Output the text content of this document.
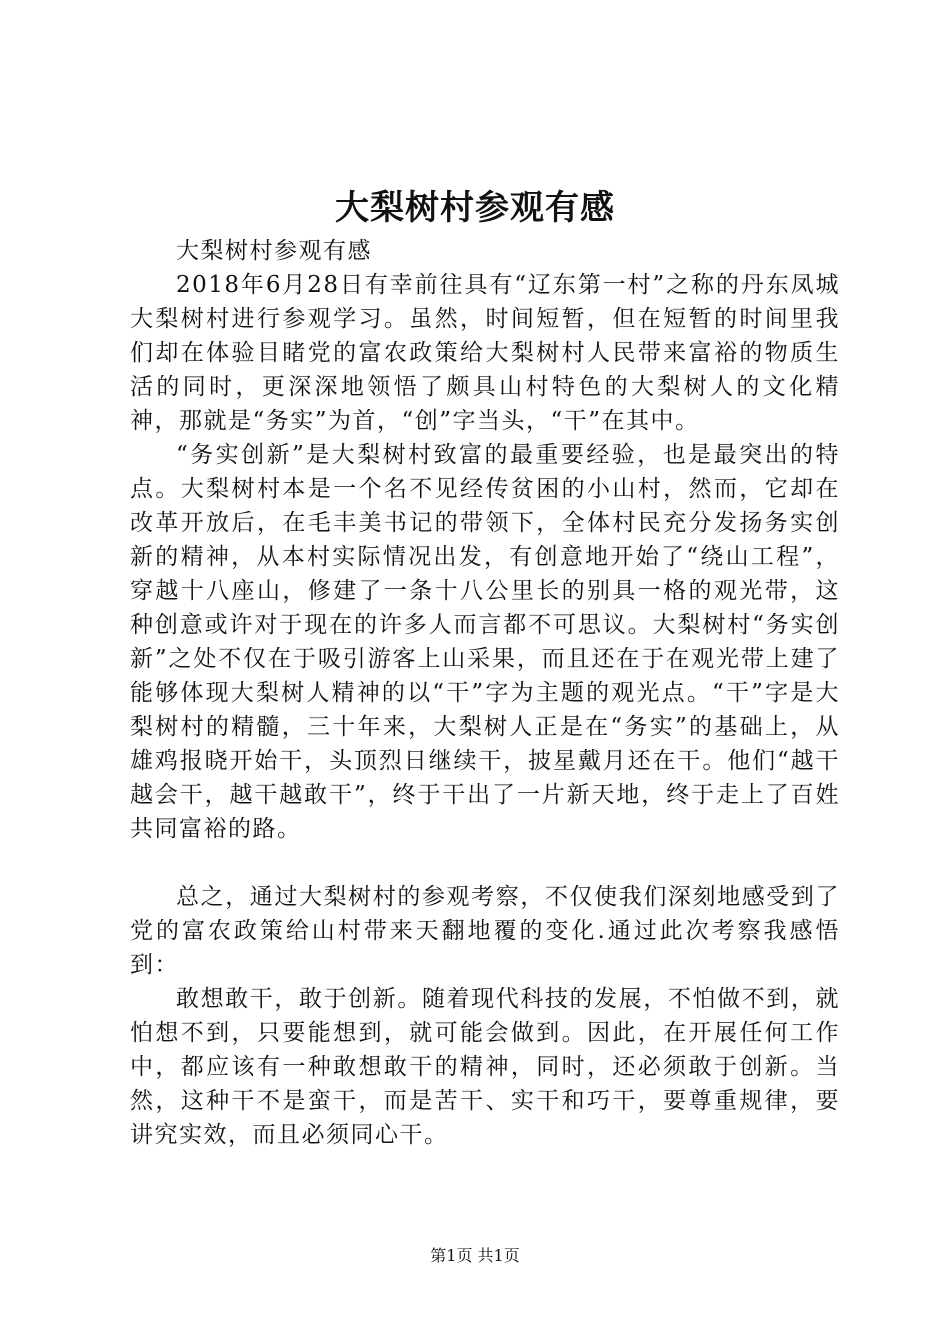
大梨树村参观有感

大梨树村参观有感

2018年6月28日有幸前往具有“辽东第一村”之称的丹东凤城大梨树村进行参观学习。虽然，时间短暂，但在短暂的时间里我们却在体验目睹党的富农政策给大梨树村人民带来富裕的物质生活的同时，更深深地领悟了颇具山村特色的大梨树人的文化精神，那就是“务实”为首，“创”字当头，“干”在其中。

“务实创新”是大梨树村致富的最重要经验，也是最突出的特点。大梨树村本是一个名不见经传贫困的小山村，然而，它却在改革开放后，在毛丰美书记的带领下，全体村民充分发扬务实创新的精神，从本村实际情况出发，有创意地开始了“绕山工程”，穿越十八座山，修建了一条十八公里长的别具一格的观光带，这种创意或许对于现在的许多人而言都不可思议。大梨树村“务实创新”之处不仅在于吸引游客上山采果，而且还在于在观光带上建了能够体现大梨树人精神的以“干”字为主题的观光点。“干”字是大梨树村的精髓，三十年来，大梨树人正是在“务实”的基础上，从雄鸡报晓开始干，头顶烈日继续干，披星戴月还在干。他们“越干越会干，越干越敢干”，终于干出了一片新天地，终于走上了百姓共同富裕的路。

总之，通过大梨树村的参观考察，不仅使我们深刻地感受到了党的富农政策给山村带来天翻地覆的变化.通过此次考察我感悟到：

敢想敢干，敢于创新。随着现代科技的发展，不怕做不到，就怕想不到，只要能想到，就可能会做到。因此，在开展任何工作中，都应该有一种敢想敢干的精神，同时，还必须敢于创新。当然，这种干不是蛮干，而是苦干、实干和巧干，要尊重规律，要讲究实效，而且必须同心干。

第1页 共1页
